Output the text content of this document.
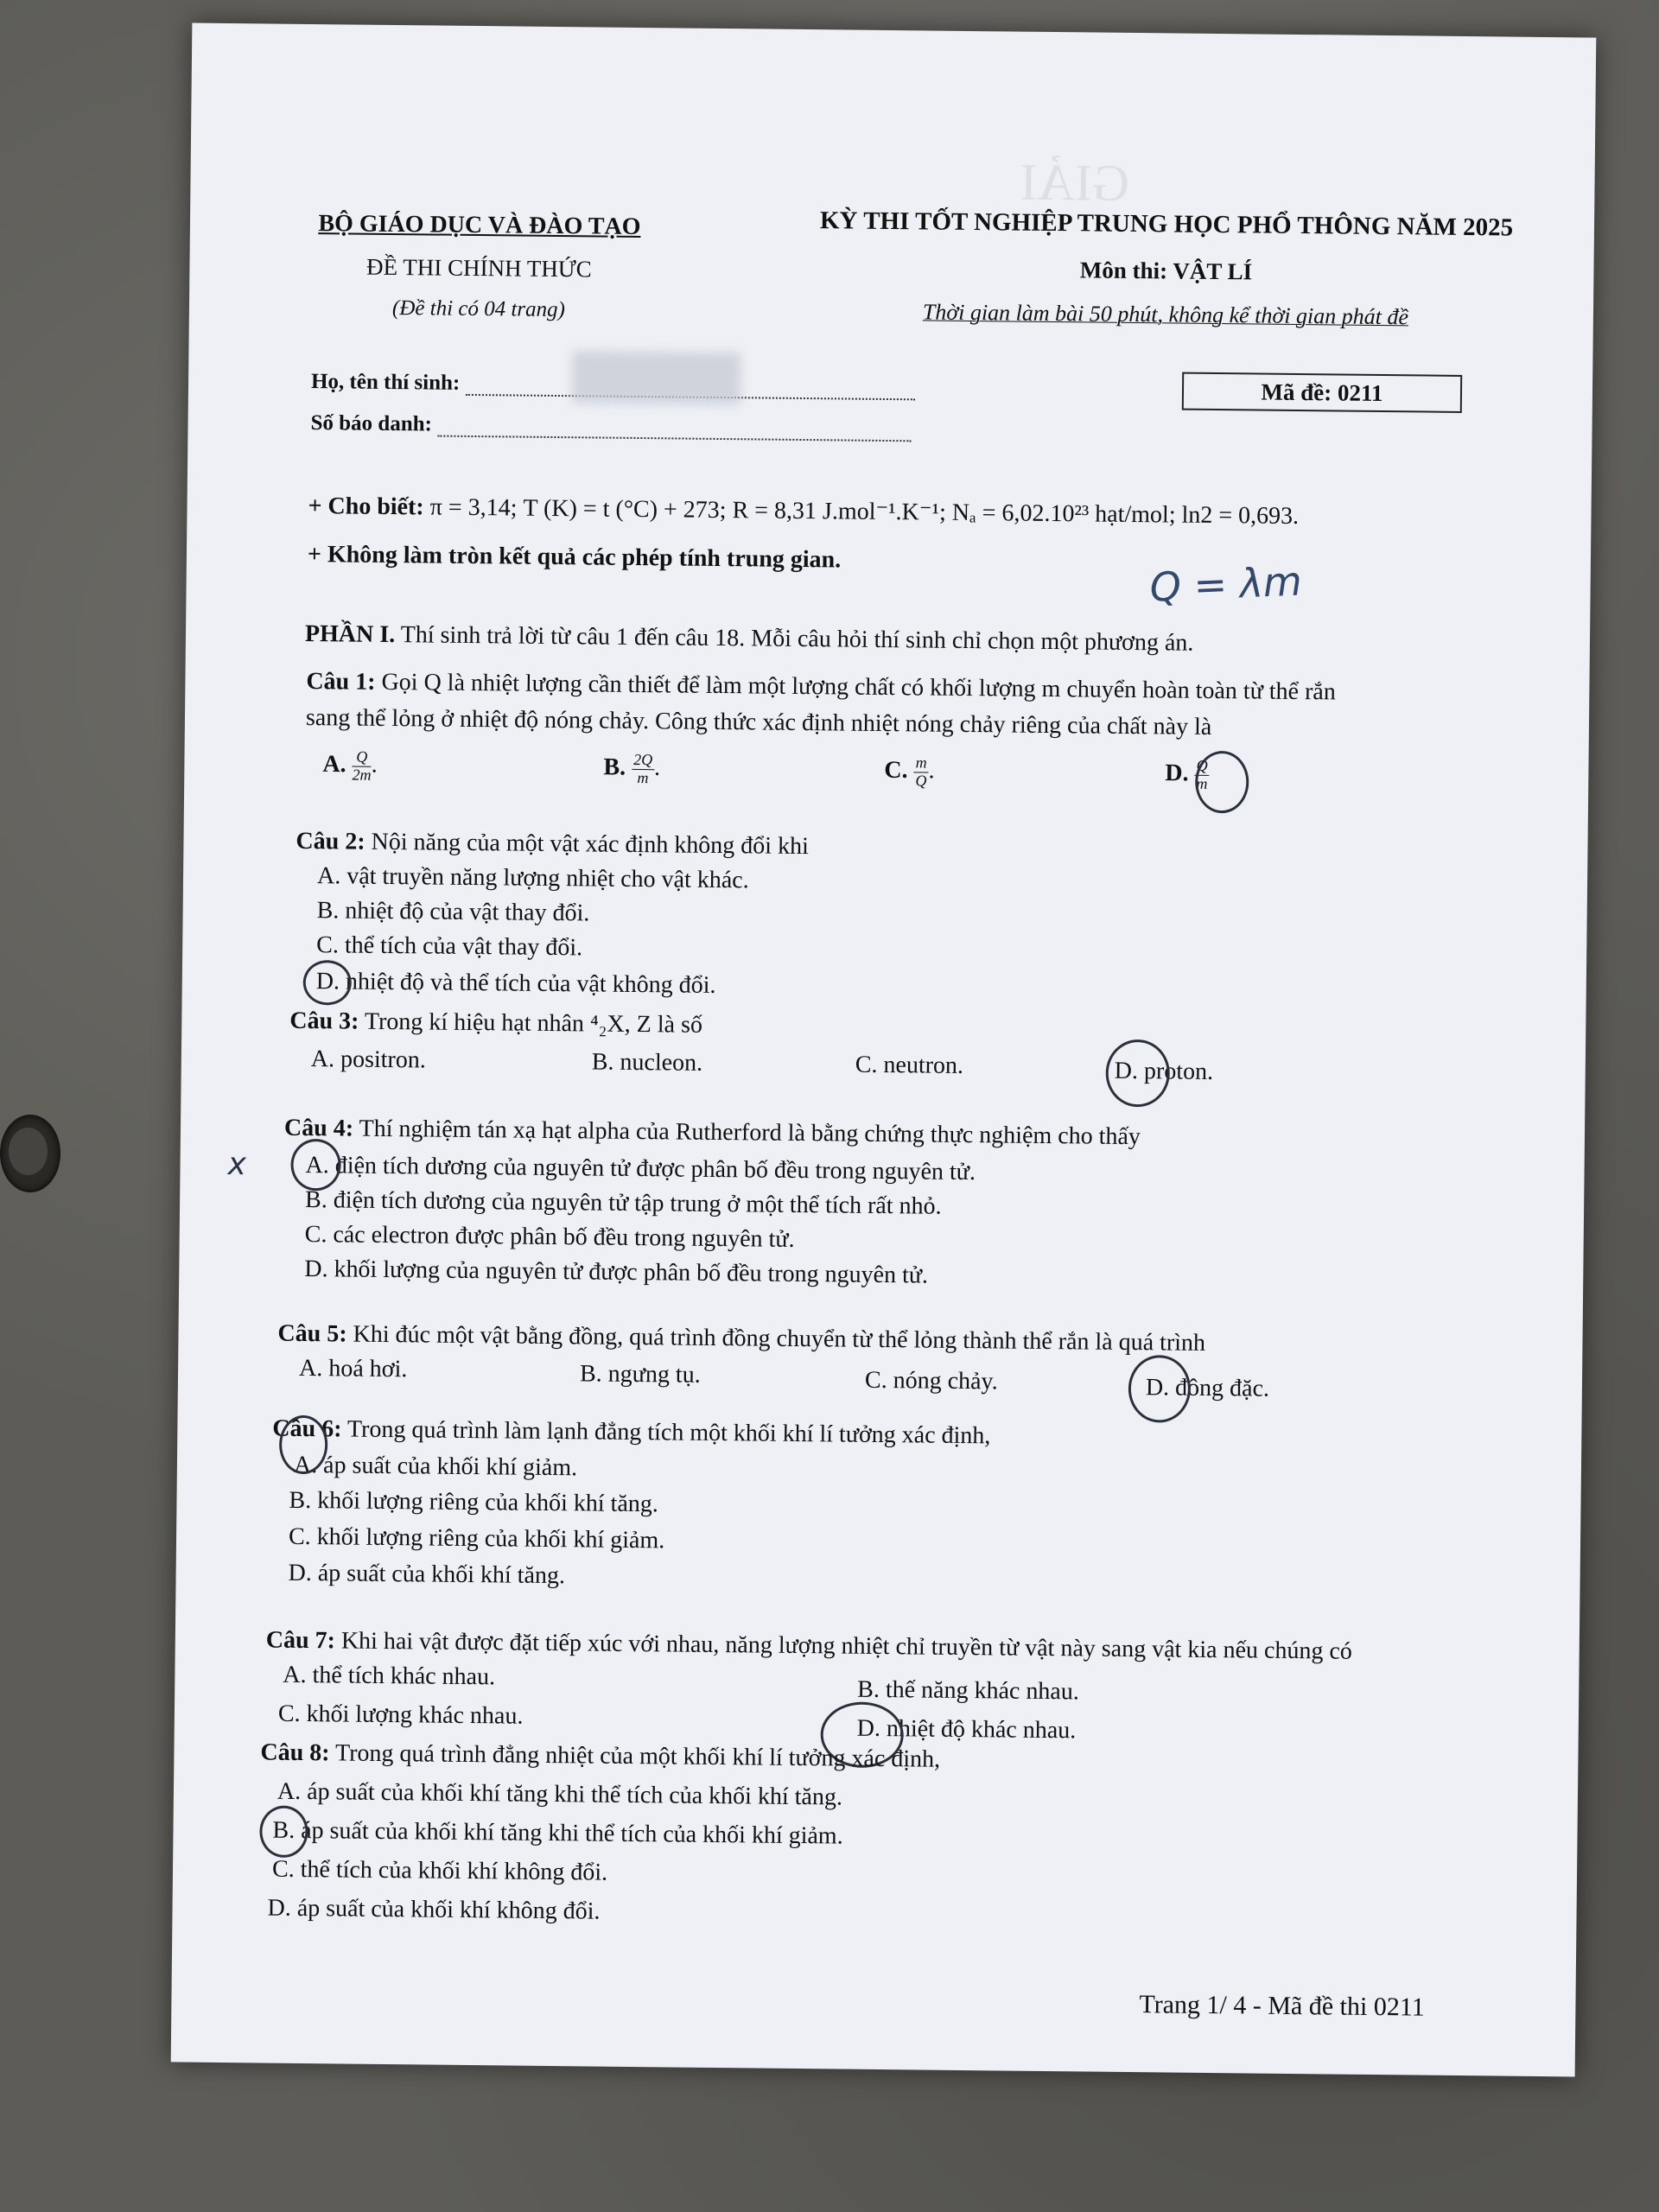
GIẢI
BỘ GIÁO DỤC VÀ ĐÀO TẠO
ĐỀ THI CHÍNH THỨC
(Đề thi có 04 trang)
KỲ THI TỐT NGHIỆP TRUNG HỌC PHỔ THÔNG NĂM 2025
Môn thi: VẬT LÍ
Thời gian làm bài 50 phút, không kể thời gian phát đề
Họ, tên thí sinh:
Số báo danh:
Mã đề: 0211
+ Cho biết: π = 3,14; T (K) = t (°C) + 273; R = 8,31 J.mol⁻¹.K⁻¹; Nₐ = 6,02.10²³ hạt/mol; ln2 = 0,693.
+ Không làm tròn kết quả các phép tính trung gian.
Q = λm
PHẦN I. Thí sinh trả lời từ câu 1 đến câu 18. Mỗi câu hỏi thí sinh chỉ chọn một phương án.
Câu 1: Gọi Q là nhiệt lượng cần thiết để làm một lượng chất có khối lượng m chuyển hoàn toàn từ thể rắn
sang thể lỏng ở nhiệt độ nóng chảy. Công thức xác định nhiệt nóng chảy riêng của chất này là
A. $\frac{Q}{2m}$ .	B. $\frac{2Q}{m}$ .	C. $\frac{m}{Q}$ .	D. $\frac{Q}{m}$
Câu 2: Nội năng của một vật xác định không đổi khi
A. vật truyền năng lượng nhiệt cho vật khác.
B. nhiệt độ của vật thay đổi.
C. thể tích của vật thay đổi.
D. nhiệt độ và thể tích của vật không đổi.
Câu 3: Trong kí hiệu hạt nhân ⁴₂X, Z là số
A. positron.	B. nucleon.	C. neutron.	D. proton.
Câu 4: Thí nghiệm tán xạ hạt alpha của Rutherford là bằng chứng thực nghiệm cho thấy
A. điện tích dương của nguyên tử được phân bố đều trong nguyên tử.
B. điện tích dương của nguyên tử tập trung ở một thể tích rất nhỏ.
C. các electron được phân bố đều trong nguyên tử.
D. khối lượng của nguyên tử được phân bố đều trong nguyên tử.
x
Câu 5: Khi đúc một vật bằng đồng, quá trình đồng chuyển từ thể lỏng thành thể rắn là quá trình
A. hoá hơi.	B. ngưng tụ.	C. nóng chảy.	D. đông đặc.
Câu 6: Trong quá trình làm lạnh đẳng tích một khối khí lí tưởng xác định,
A. áp suất của khối khí giảm.
B. khối lượng riêng của khối khí tăng.
C. khối lượng riêng của khối khí giảm.
D. áp suất của khối khí tăng.
Câu 7: Khi hai vật được đặt tiếp xúc với nhau, năng lượng nhiệt chỉ truyền từ vật này sang vật kia nếu chúng có
A. thể tích khác nhau.
B. thế năng khác nhau.
C. khối lượng khác nhau.	D. nhiệt độ khác nhau.
Câu 8: Trong quá trình đẳng nhiệt của một khối khí lí tưởng xác định,
A. áp suất của khối khí tăng khi thể tích của khối khí tăng.
B. áp suất của khối khí tăng khi thể tích của khối khí giảm.
C. thể tích của khối khí không đổi.
D. áp suất của khối khí không đổi.
Trang 1/ 4 - Mã đề thi 0211
